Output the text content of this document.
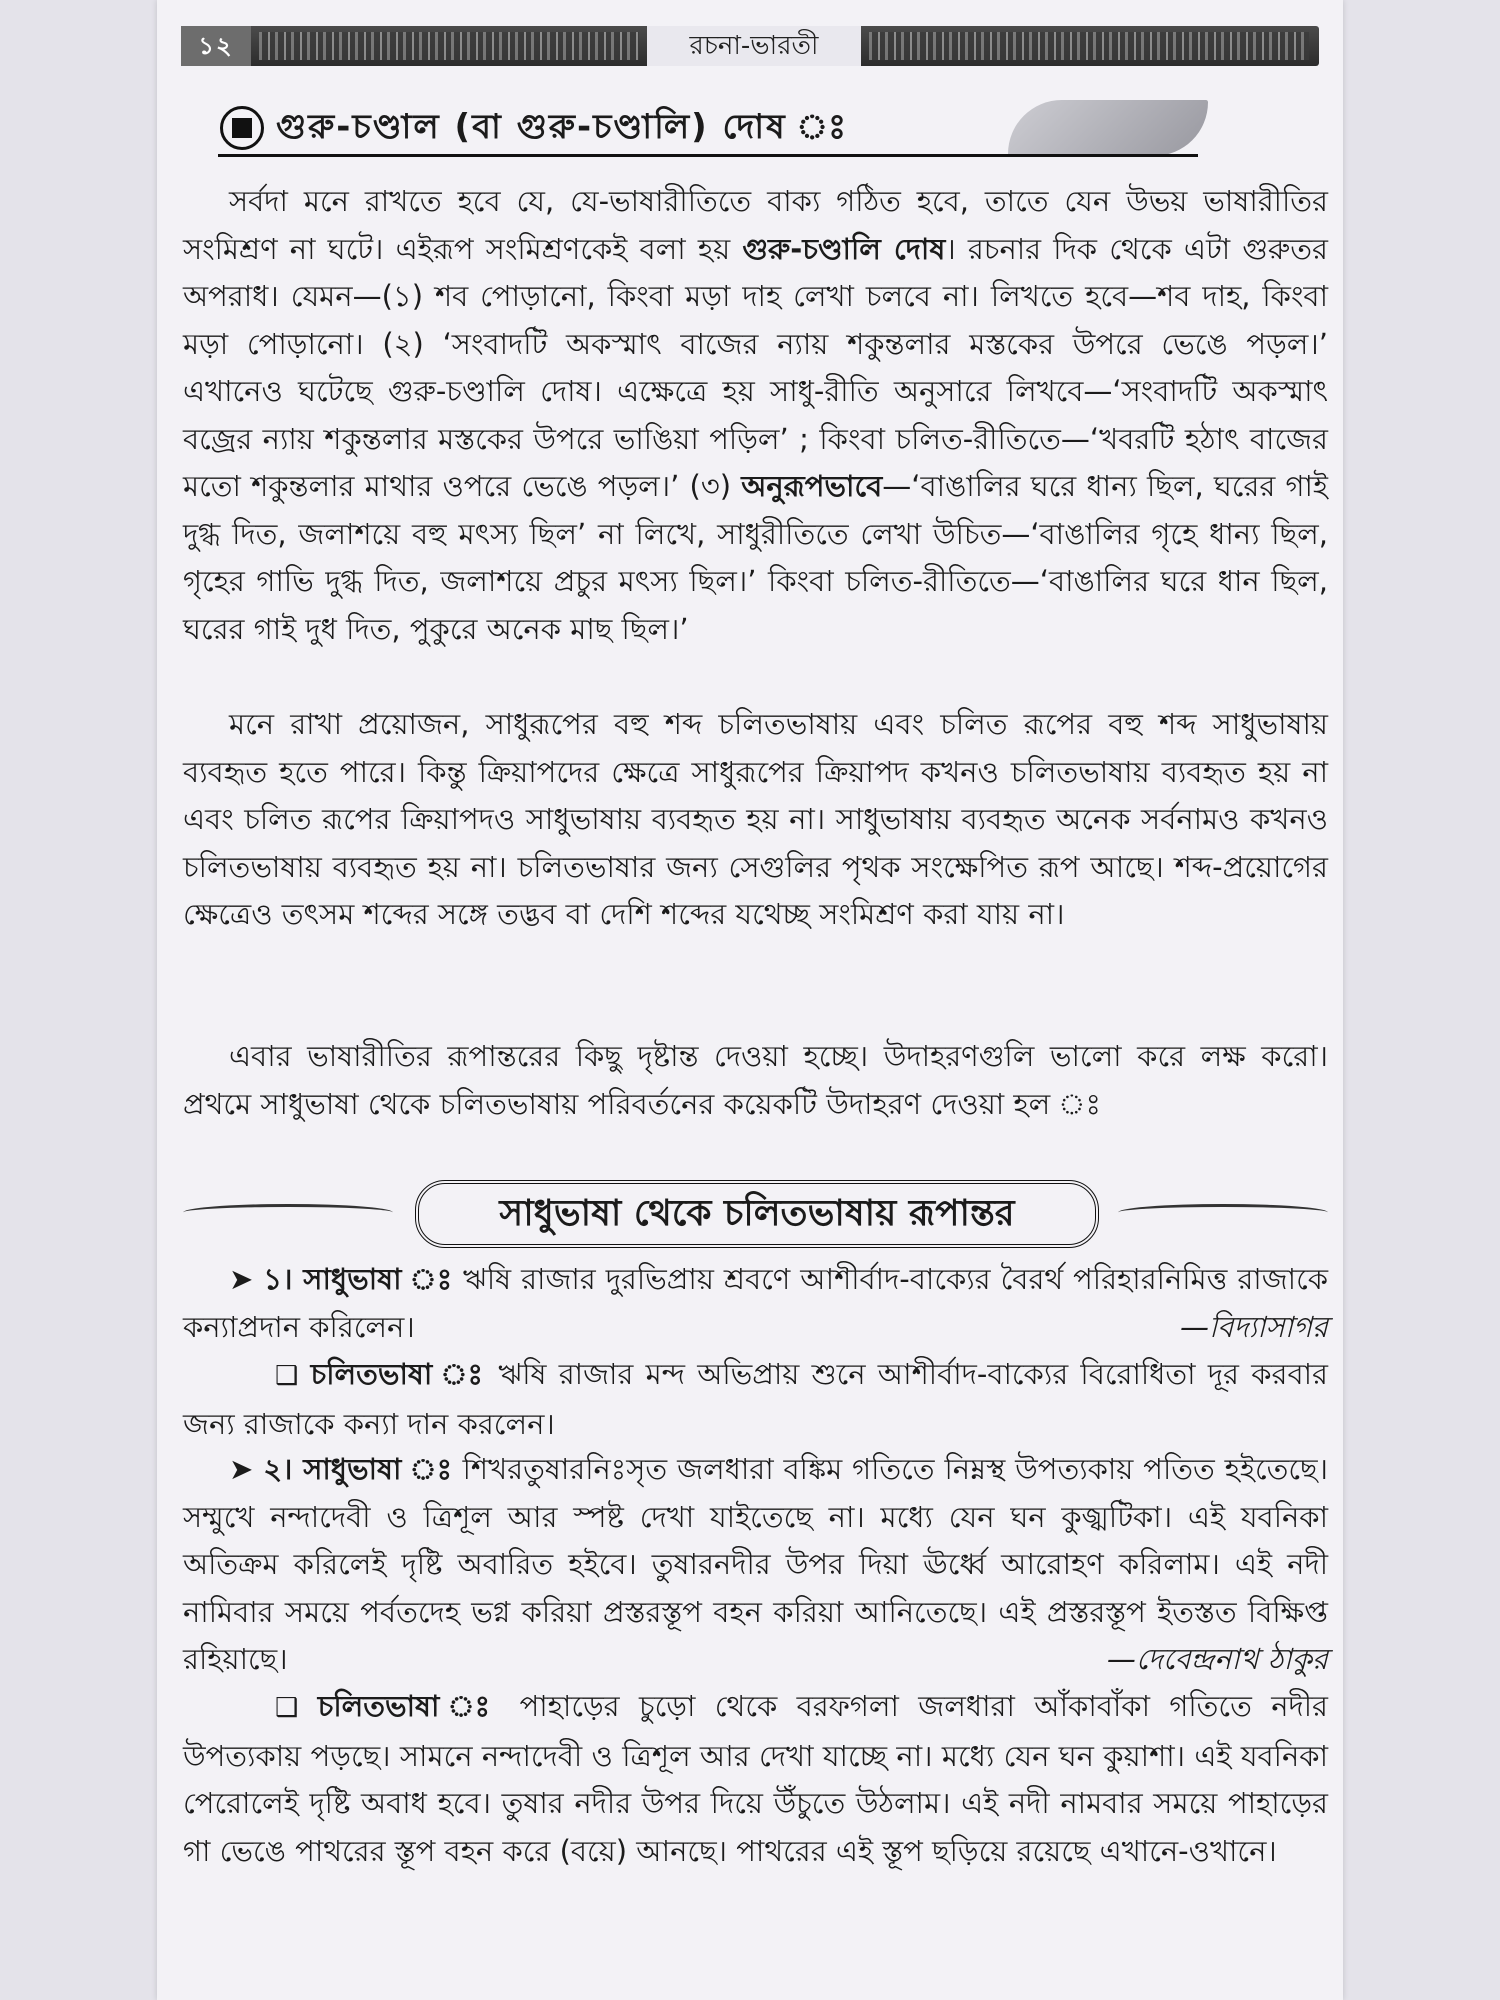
১২	রচনা-ভারতী
গুরু-চণ্ডাল (বা গুরু-চণ্ডালি) দোষ ঃ

সর্বদা মনে রাখতে হবে যে, যে-ভাষারীতিতে বাক্য গঠিত হবে, তাতে যেন উভয় ভাষারীতির সংমিশ্রণ না ঘটে। এইরূপ সংমিশ্রণকেই বলা হয় গুরু-চণ্ডালি দোষ। রচনার দিক থেকে এটা গুরুতর অপরাধ। যেমন—(১) শব পোড়ানো, কিংবা মড়া দাহ লেখা চলবে না। লিখতে হবে—শব দাহ, কিংবা মড়া পোড়ানো। (২) ‘সংবাদটি অকস্মাৎ বাজের ন্যায় শকুন্তলার মস্তকের উপরে ভেঙে পড়ল।’ এখানেও ঘটেছে গুরু-চণ্ডালি দোষ। এক্ষেত্রে হয় সাধু-রীতি অনুসারে লিখবে—‘সংবাদটি অকস্মাৎ বজ্রের ন্যায় শকুন্তলার মস্তকের উপরে ভাঙিয়া পড়িল’ ; কিংবা চলিত-রীতিতে—‘খবরটি হঠাৎ বাজের মতো শকুন্তলার মাথার ওপরে ভেঙে পড়ল।’ (৩) অনুরূপভাবে—‘বাঙালির ঘরে ধান্য ছিল, ঘরের গাই দুগ্ধ দিত, জলাশয়ে বহু মৎস্য ছিল’ না লিখে, সাধুরীতিতে লেখা উচিত—‘বাঙালির গৃহে ধান্য ছিল, গৃহের গাভি দুগ্ধ দিত, জলাশয়ে প্রচুর মৎস্য ছিল।’ কিংবা চলিত-রীতিতে—‘বাঙালির ঘরে ধান ছিল, ঘরের গাই দুধ দিত, পুকুরে অনেক মাছ ছিল।’

মনে রাখা প্রয়োজন, সাধুরূপের বহু শব্দ চলিতভাষায় এবং চলিত রূপের বহু শব্দ সাধুভাষায় ব্যবহৃত হতে পারে। কিন্তু ক্রিয়াপদের ক্ষেত্রে সাধুরূপের ক্রিয়াপদ কখনও চলিতভাষায় ব্যবহৃত হয় না এবং চলিত রূপের ক্রিয়াপদও সাধুভাষায় ব্যবহৃত হয় না। সাধুভাষায় ব্যবহৃত অনেক সর্বনামও কখনও চলিতভাষায় ব্যবহৃত হয় না। চলিতভাষার জন্য সেগুলির পৃথক সংক্ষেপিত রূপ আছে। শব্দ-প্রয়োগের ক্ষেত্রেও তৎসম শব্দের সঙ্গে তদ্ভব বা দেশি শব্দের যথেচ্ছ সংমিশ্রণ করা যায় না।

এবার ভাষারীতির রূপান্তরের কিছু দৃষ্টান্ত দেওয়া হচ্ছে। উদাহরণগুলি ভালো করে লক্ষ করো। প্রথমে সাধুভাষা থেকে চলিতভাষায় পরিবর্তনের কয়েকটি উদাহরণ দেওয়া হল ঃ

সাধুভাষা থেকে চলিতভাষায় রূপান্তর

➤ ১। সাধুভাষা ঃ ঋষি রাজার দুরভিপ্রায় শ্রবণে আশীর্বাদ-বাক্যের বৈরর্থ পরিহারনিমিত্ত রাজাকে কন্যাপ্রদান করিলেন।	—বিদ্যাসাগর

❑ চলিতভাষা ঃ ঋষি রাজার মন্দ অভিপ্রায় শুনে আশীর্বাদ-বাক্যের বিরোধিতা দূর করবার জন্য রাজাকে কন্যা দান করলেন।

➤ ২। সাধুভাষা ঃ শিখরতুষারনিঃসৃত জলধারা বঙ্কিম গতিতে নিম্নস্থ উপত্যকায় পতিত হইতেছে। সম্মুখে নন্দাদেবী ও ত্রিশূল আর স্পষ্ট দেখা যাইতেছে না। মধ্যে যেন ঘন কুজ্ঝটিকা। এই যবনিকা অতিক্রম করিলেই দৃষ্টি অবারিত হইবে। তুষারনদীর উপর দিয়া ঊর্ধ্বে আরোহণ করিলাম। এই নদী নামিবার সময়ে পর্বতদেহ ভগ্ন করিয়া প্রস্তরস্তূপ বহন করিয়া আনিতেছে। এই প্রস্তরস্তূপ ইতস্তত বিক্ষিপ্ত রহিয়াছে।	—দেবেন্দ্রনাথ ঠাকুর

❑ চলিতভাষা ঃ পাহাড়ের চুড়ো থেকে বরফগলা জলধারা আঁকাবাঁকা গতিতে নদীর উপত্যকায় পড়ছে। সামনে নন্দাদেবী ও ত্রিশূল আর দেখা যাচ্ছে না। মধ্যে যেন ঘন কুয়াশা। এই যবনিকা পেরোলেই দৃষ্টি অবাধ হবে। তুষার নদীর উপর দিয়ে উঁচুতে উঠলাম। এই নদী নামবার সময়ে পাহাড়ের গা ভেঙে পাথরের স্তূপ বহন করে (বয়ে) আনছে। পাথরের এই স্তূপ ছড়িয়ে রয়েছে এখানে-ওখানে।
